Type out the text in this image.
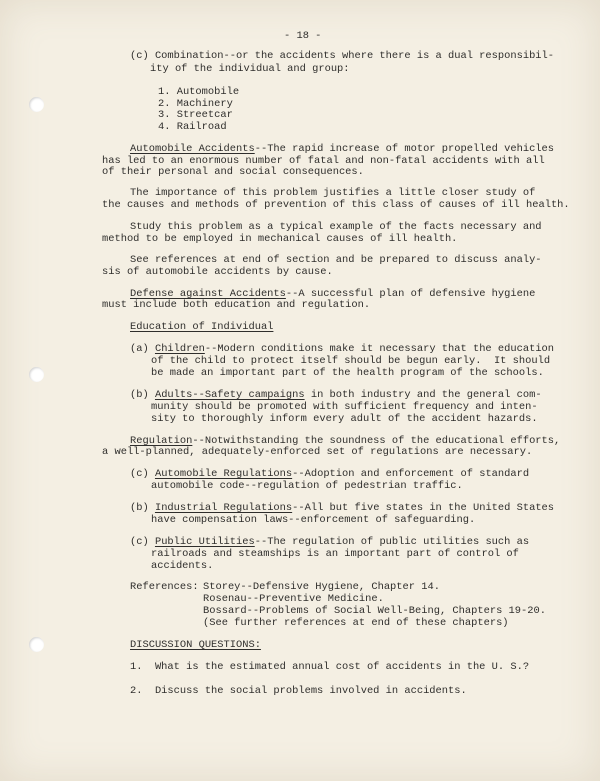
- 18 -
(c) Combination--or the accidents where there is a dual responsibil-
ity of the individual and group:
1. Automobile
2. Machinery
3. Streetcar
4. Railroad
Automobile Accidents--The rapid increase of motor propelled vehicles
has led to an enormous number of fatal and non-fatal accidents with all
of their personal and social consequences.
The importance of this problem justifies a little closer study of
the causes and methods of prevention of this class of causes of ill health.
Study this problem as a typical example of the facts necessary and
method to be employed in mechanical causes of ill health.
See references at end of section and be prepared to discuss analy-
sis of automobile accidents by cause.
Defense against Accidents--A successful plan of defensive hygiene
must include both education and regulation.
Education of Individual
(a) Children--Modern conditions make it necessary that the education
of the child to protect itself should be begun early.  It should
be made an important part of the health program of the schools.
(b) Adults--Safety campaigns in both industry and the general com-
munity should be promoted with sufficient frequency and inten-
sity to thoroughly inform every adult of the accident hazards.
Regulation--Notwithstanding the soundness of the educational efforts,
a well-planned, adequately-enforced set of regulations are necessary.
(c) Automobile Regulations--Adoption and enforcement of standard
automobile code--regulation of pedestrian traffic.
(b) Industrial Regulations--All but five states in the United States
have compensation laws--enforcement of safeguarding.
(c) Public Utilities--The regulation of public utilities such as
railroads and steamships is an important part of control of
accidents.
References: Storey--Defensive Hygiene, Chapter 14.
Rosenau--Preventive Medicine.
Bossard--Problems of Social Well-Being, Chapters 19-20.
(See further references at end of these chapters)
DISCUSSION QUESTIONS:
1.  What is the estimated annual cost of accidents in the U. S.?
2.  Discuss the social problems involved in accidents.
